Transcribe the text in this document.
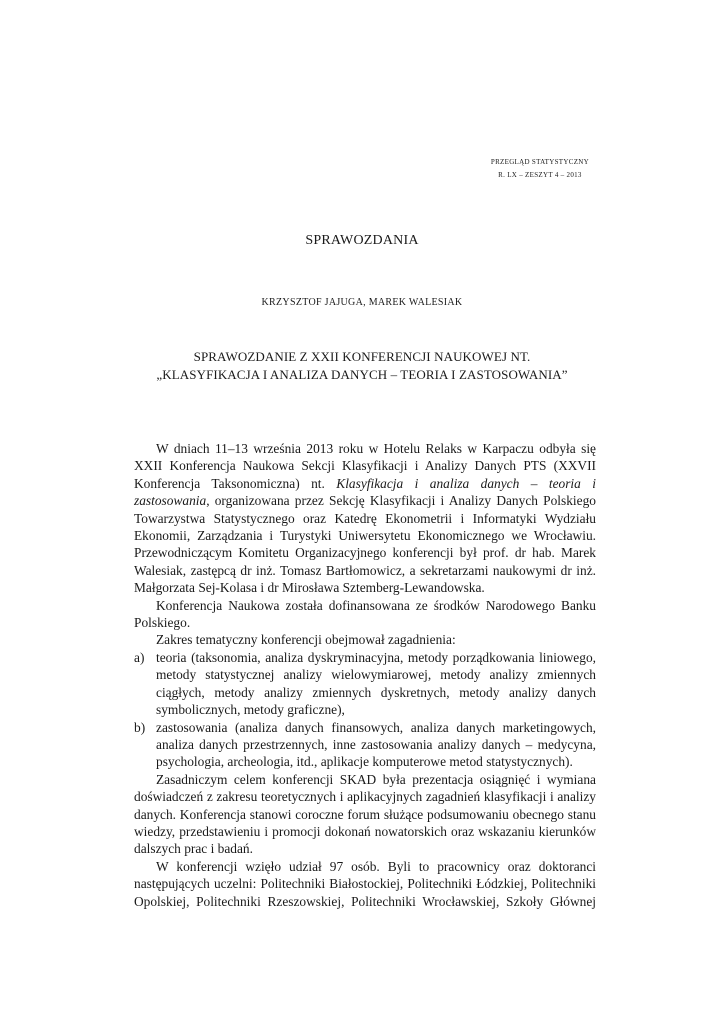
PRZEGLĄD STATYSTYCZNY
R. LX – ZESZYT 4 – 2013
SPRAWOZDANIA
KRZYSZTOF JAJUGA, MAREK WALESIAK
SPRAWOZDANIE Z XXII KONFERENCJI NAUKOWEJ NT.
„KLASYFIKACJA I ANALIZA DANYCH – TEORIA I ZASTOSOWANIA”

W dniach 11–13 września 2013 roku w Hotelu Relaks w Karpaczu odbyła się XXII Konferencja Naukowa Sekcji Klasyfikacji i Analizy Danych PTS (XXVII Konferencja Taksonomiczna) nt. Klasyfikacja i analiza danych – teoria i zastosowania, organizowana przez Sekcję Klasyfikacji i Analizy Danych Polskiego Towarzystwa Statystycznego oraz Katedrę Ekonometrii i Informatyki Wydziału Ekonomii, Zarządzania i Turystyki Uniwersytetu Ekonomicznego we Wrocławiu. Przewodniczącym Komitetu Organizacyjnego konferencji był prof. dr hab. Marek Walesiak, zastępcą dr inż. Tomasz Bartłomowicz, a sekretarzami naukowymi dr inż. Małgorzata Sej-Kolasa i dr Mirosława Sztemberg-Lewandowska.

Konferencja Naukowa została dofinansowana ze środków Narodowego Banku Polskiego.

Zakres tematyczny konferencji obejmował zagadnienia:

a) teoria (taksonomia, analiza dyskryminacyjna, metody porządkowania liniowego, metody statystycznej analizy wielowymiarowej, metody analizy zmiennych ciągłych, metody analizy zmiennych dyskretnych, metody analizy danych symbolicznych, metody graficzne),
b) zastosowania (analiza danych finansowych, analiza danych marketingowych, analiza danych przestrzennych, inne zastosowania analizy danych – medycyna, psychologia, archeologia, itd., aplikacje komputerowe metod statystycznych).

Zasadniczym celem konferencji SKAD była prezentacja osiągnięć i wymiana doświadczeń z zakresu teoretycznych i aplikacyjnych zagadnień klasyfikacji i analizy danych. Konferencja stanowi coroczne forum służące podsumowaniu obecnego stanu wiedzy, przedstawieniu i promocji dokonań nowatorskich oraz wskazaniu kierunków dalszych prac i badań.

W konferencji wzięło udział 97 osób. Byli to pracownicy oraz doktoranci następujących uczelni: Politechniki Białostockiej, Politechniki Łódzkiej, Politechniki Opolskiej, Politechniki Rzeszowskiej, Politechniki Wrocławskiej, Szkoły Głównej
